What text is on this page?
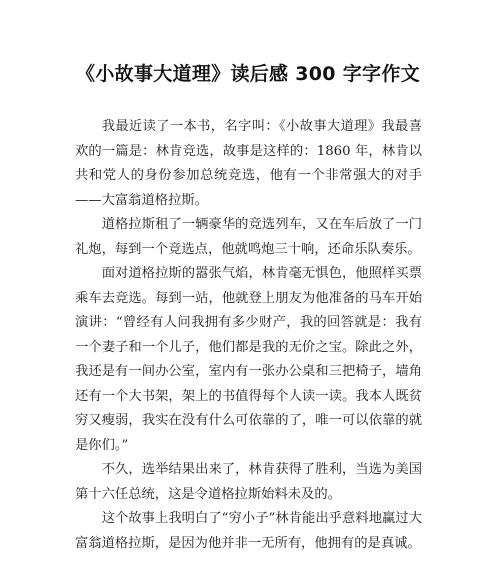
《小故事大道理》读后感 300 字字作文

我最近读了一本书，名字叫：《小故事大道理》我最喜欢的一篇是：林肯竞选，故事是这样的：1860 年，林肯以共和党人的身份参加总统竞选，他有一个非常强大的对手——大富翁道格拉斯。

道格拉斯租了一辆豪华的竞选列车，又在车后放了一门礼炮，每到一个竞选点，他就鸣炮三十响，还命乐队奏乐。

面对道格拉斯的嚣张气焰，林肯毫无惧色，他照样买票乘车去竞选。每到一站，他就登上朋友为他准备的马车开始演讲：“曾经有人问我拥有多少财产，我的回答就是：我有一个妻子和一个儿子，他们都是我的无价之宝。除此之外，我还是有一间办公室，室内有一张办公桌和三把椅子，墙角还有一个大书架，架上的书值得每个人读一读。我本人既贫穷又瘦弱，我实在没有什么可依靠的了，唯一可以依靠的就是你们。”

不久，选举结果出来了，林肯获得了胜利，当选为美国第十六任总统，这是令道格拉斯始料未及的。

这个故事上我明白了“穷小子”林肯能出乎意料地赢过大富翁道格拉斯，是因为他并非一无所有，他拥有的是真诚。
